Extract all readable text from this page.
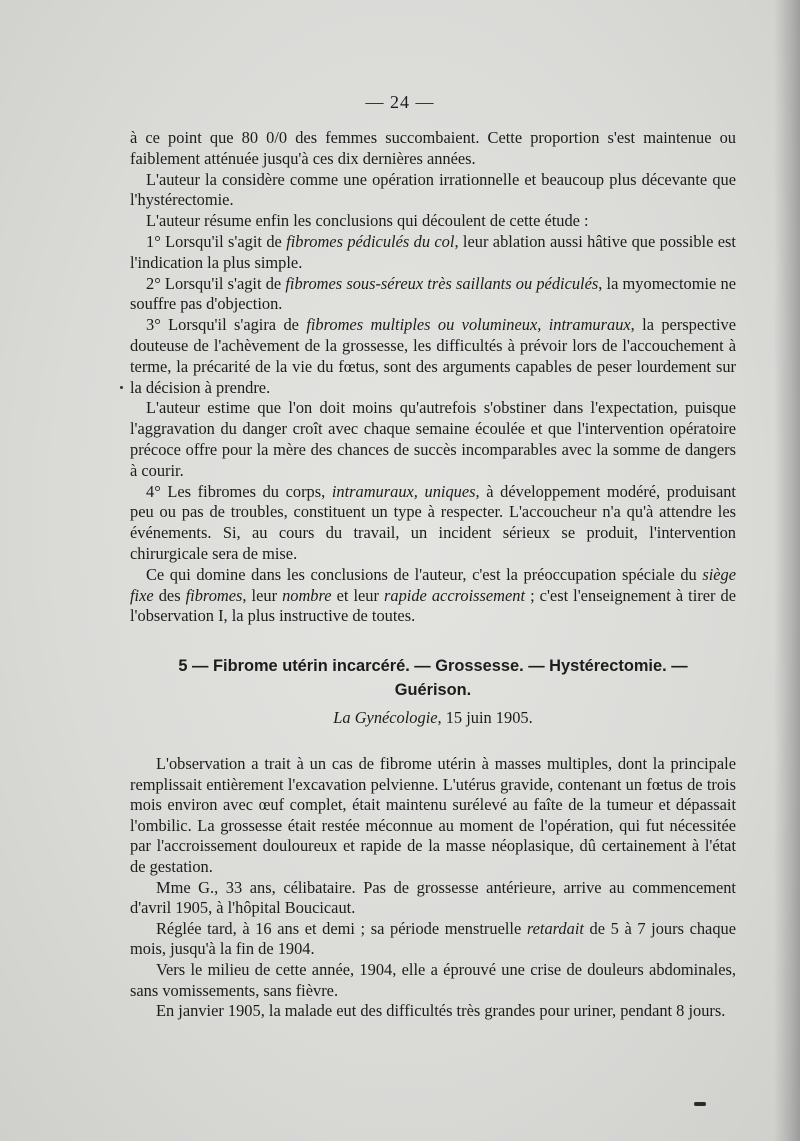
— 24 —

à ce point que 80 0/0 des femmes succombaient. Cette proportion s'est maintenue ou faiblement atténuée jusqu'à ces dix dernières années.

L'auteur la considère comme une opération irrationnelle et beaucoup plus décevante que l'hystérectomie.

L'auteur résume enfin les conclusions qui découlent de cette étude :

1° Lorsqu'il s'agit de fibromes pédiculés du col, leur ablation aussi hâtive que possible est l'indication la plus simple.

2° Lorsqu'il s'agit de fibromes sous-séreux très saillants ou pédiculés, la myomectomie ne souffre pas d'objection.

3° Lorsqu'il s'agira de fibromes multiples ou volumineux, intramuraux, la perspective douteuse de l'achèvement de la grossesse, les difficultés à prévoir lors de l'accouchement à terme, la précarité de la vie du fœtus, sont des arguments capables de peser lourdement sur la décision à prendre.

L'auteur estime que l'on doit moins qu'autrefois s'obstiner dans l'expectation, puisque l'aggravation du danger croît avec chaque semaine écoulée et que l'intervention opératoire précoce offre pour la mère des chances de succès incomparables avec la somme de dangers à courir.

4° Les fibromes du corps, intramuraux, uniques, à développement modéré, produisant peu ou pas de troubles, constituent un type à respecter. L'accoucheur n'a qu'à attendre les événements. Si, au cours du travail, un incident sérieux se produit, l'intervention chirurgicale sera de mise.

Ce qui domine dans les conclusions de l'auteur, c'est la préoccupation spéciale du siège fixe des fibromes, leur nombre et leur rapide accroissement ; c'est l'enseignement à tirer de l'observation I, la plus instructive de toutes.

5 — Fibrome utérin incarcéré. — Grossesse. — Hystérectomie. —
Guérison.
La Gynécologie, 15 juin 1905.

L'observation a trait à un cas de fibrome utérin à masses multiples, dont la principale remplissait entièrement l'excavation pelvienne. L'utérus gravide, contenant un fœtus de trois mois environ avec œuf complet, était maintenu surélevé au faîte de la tumeur et dépassait l'ombilic. La grossesse était restée méconnue au moment de l'opération, qui fut nécessitée par l'accroissement douloureux et rapide de la masse néoplasique, dû certainement à l'état de gestation.

Mme G., 33 ans, célibataire. Pas de grossesse antérieure, arrive au commencement d'avril 1905, à l'hôpital Boucicaut.

Réglée tard, à 16 ans et demi ; sa période menstruelle retardait de 5 à 7 jours chaque mois, jusqu'à la fin de 1904.

Vers le milieu de cette année, 1904, elle a éprouvé une crise de douleurs abdominales, sans vomissements, sans fièvre.

En janvier 1905, la malade eut des difficultés très grandes pour uriner, pendant 8 jours.
